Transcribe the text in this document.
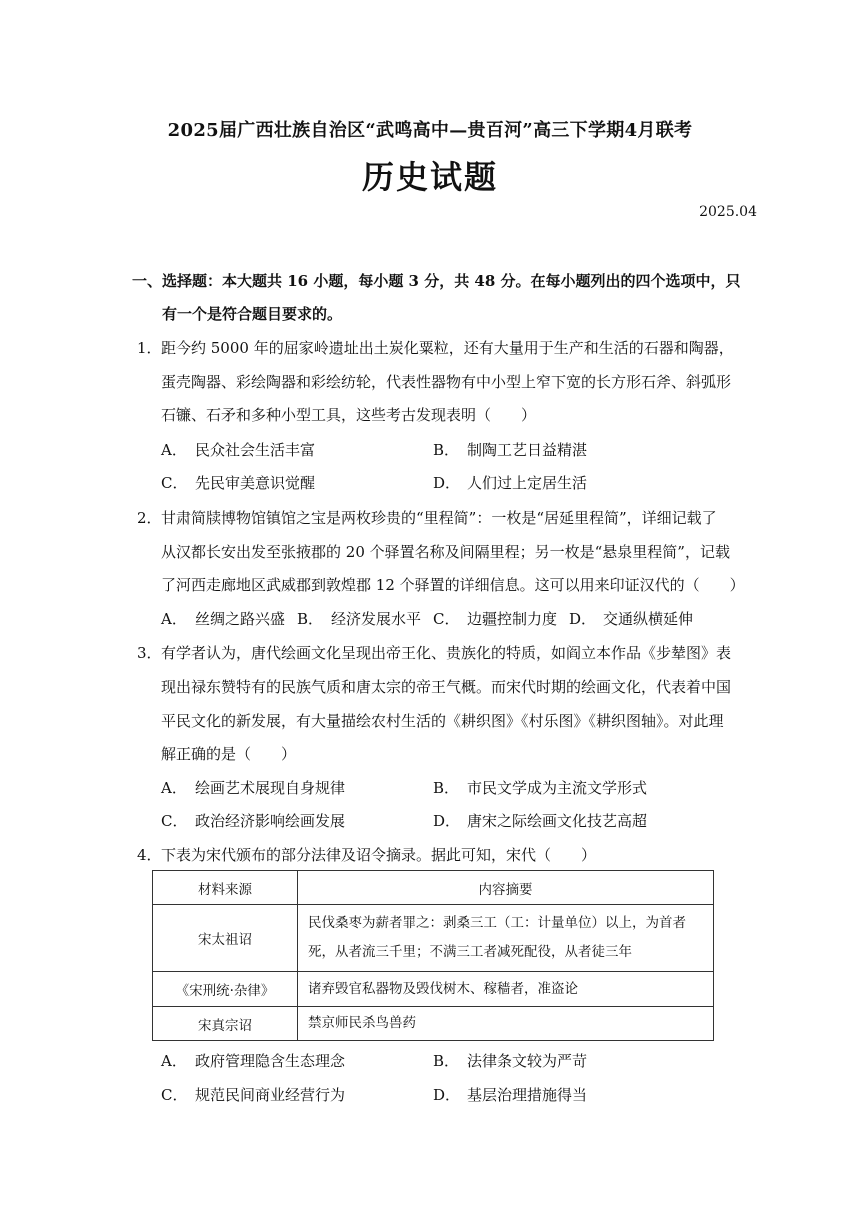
2025届广西壮族自治区“武鸣高中—贵百河”高三下学期4月联考
历史试题
2025.04
一、选择题：本大题共 16 小题，每小题 3 分，共 48 分。在每小题列出的四个选项中，只
有一个是符合题目要求的。
1． 距今约 5000 年的屈家岭遗址出土炭化粟粒，还有大量用于生产和生活的石器和陶器，
蛋壳陶器、彩绘陶器和彩绘纺轮，代表性器物有中小型上窄下宽的长方形石斧、斜弧形
石镰、石矛和多种小型工具，这些考古发现表明（　　）
A． 民众社会生活丰富	B． 制陶工艺日益精湛
C． 先民审美意识觉醒	D． 人们过上定居生活
2． 甘肃简牍博物馆镇馆之宝是两枚珍贵的“里程简”：一枚是“居延里程简”，详细记载了
从汉都长安出发至张掖郡的 20 个驿置名称及间隔里程；另一枚是“悬泉里程简”，记载
了河西走廊地区武威郡到敦煌郡 12 个驿置的详细信息。这可以用来印证汉代的（　　）
A． 丝绸之路兴盛 B． 经济发展水平 C． 边疆控制力度 D． 交通纵横延伸
3． 有学者认为，唐代绘画文化呈现出帝王化、贵族化的特质，如阎立本作品《步辇图》表
现出禄东赞特有的民族气质和唐太宗的帝王气概。而宋代时期的绘画文化，代表着中国
平民文化的新发展，有大量描绘农村生活的《耕织图》《村乐图》《耕织图轴》。对此理
解正确的是（　　）
A． 绘画艺术展现自身规律	B． 市民文学成为主流文学形式
C． 政治经济影响绘画发展	D． 唐宋之际绘画文化技艺高超
4． 下表为宋代颁布的部分法律及诏令摘录。据此可知，宋代（　　）
材料来源	内容摘要
宋太祖诏	民伐桑枣为薪者罪之：剥桑三工（工：计量单位）以上，为首者
死，从者流三千里；不满三工者减死配役，从者徒三年

《宋刑统·杂律》	诸弃毁官私器物及毁伐树木、稼穑者，准盗论

宋真宗诏	禁京师民杀鸟兽药
A． 政府管理隐含生态理念	B． 法律条文较为严苛
C． 规范民间商业经营行为	D． 基层治理措施得当
